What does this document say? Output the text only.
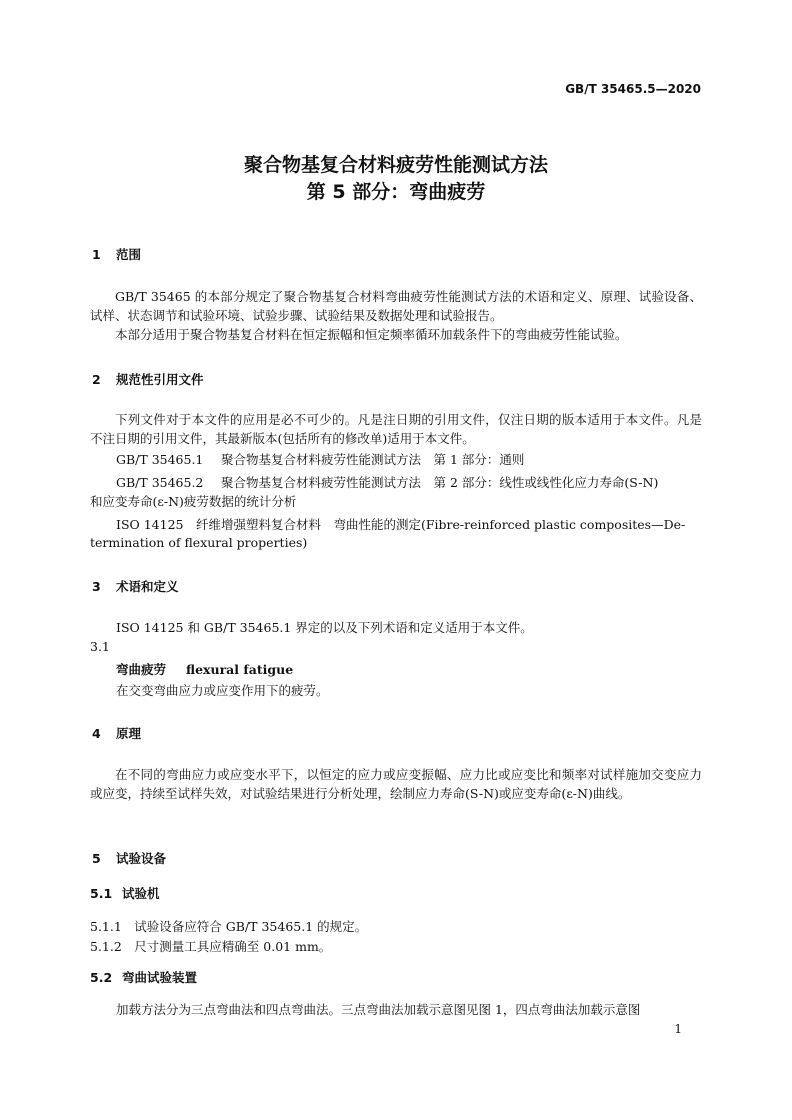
GB/T 35465.5—2020
聚合物基复合材料疲劳性能测试方法
第 5 部分：弯曲疲劳
1 范围
GB/T 35465 的本部分规定了聚合物基复合材料弯曲疲劳性能测试方法的术语和定义、原理、试验设备、试样、状态调节和试验环境、试验步骤、试验结果及数据处理和试验报告。
本部分适用于聚合物基复合材料在恒定振幅和恒定频率循环加载条件下的弯曲疲劳性能试验。
2 规范性引用文件
下列文件对于本文件的应用是必不可少的。凡是注日期的引用文件，仅注日期的版本适用于本文件。凡是不注日期的引用文件，其最新版本(包括所有的修改单)适用于本文件。
GB/T 35465.1 聚合物基复合材料疲劳性能测试方法　第 1 部分：通则
GB/T 35465.2 聚合物基复合材料疲劳性能测试方法　第 2 部分：线性或线性化应力寿命(S-N)
和应变寿命(ε-N)疲劳数据的统计分析
ISO 14125　纤维增强塑料复合材料　弯曲性能的测定(Fibre-reinforced plastic composites—De-
termination of flexural properties)
3 术语和定义
ISO 14125 和 GB/T 35465.1 界定的以及下列术语和定义适用于本文件。
3.1
弯曲疲劳 flexural fatigue
在交变弯曲应力或应变作用下的疲劳。
4 原理
在不同的弯曲应力或应变水平下，以恒定的应力或应变振幅、应力比或应变比和频率对试样施加交变应力或应变，持续至试样失效，对试验结果进行分析处理，绘制应力寿命(S-N)或应变寿命(ε-N)曲线。
5 试验设备
5.1 试验机
5.1.1　试验设备应符合 GB/T 35465.1 的规定。
5.1.2　尺寸测量工具应精确至 0.01 mm。
5.2 弯曲试验装置
加载方法分为三点弯曲法和四点弯曲法。三点弯曲法加载示意图见图 1，四点弯曲法加载示意图
1
